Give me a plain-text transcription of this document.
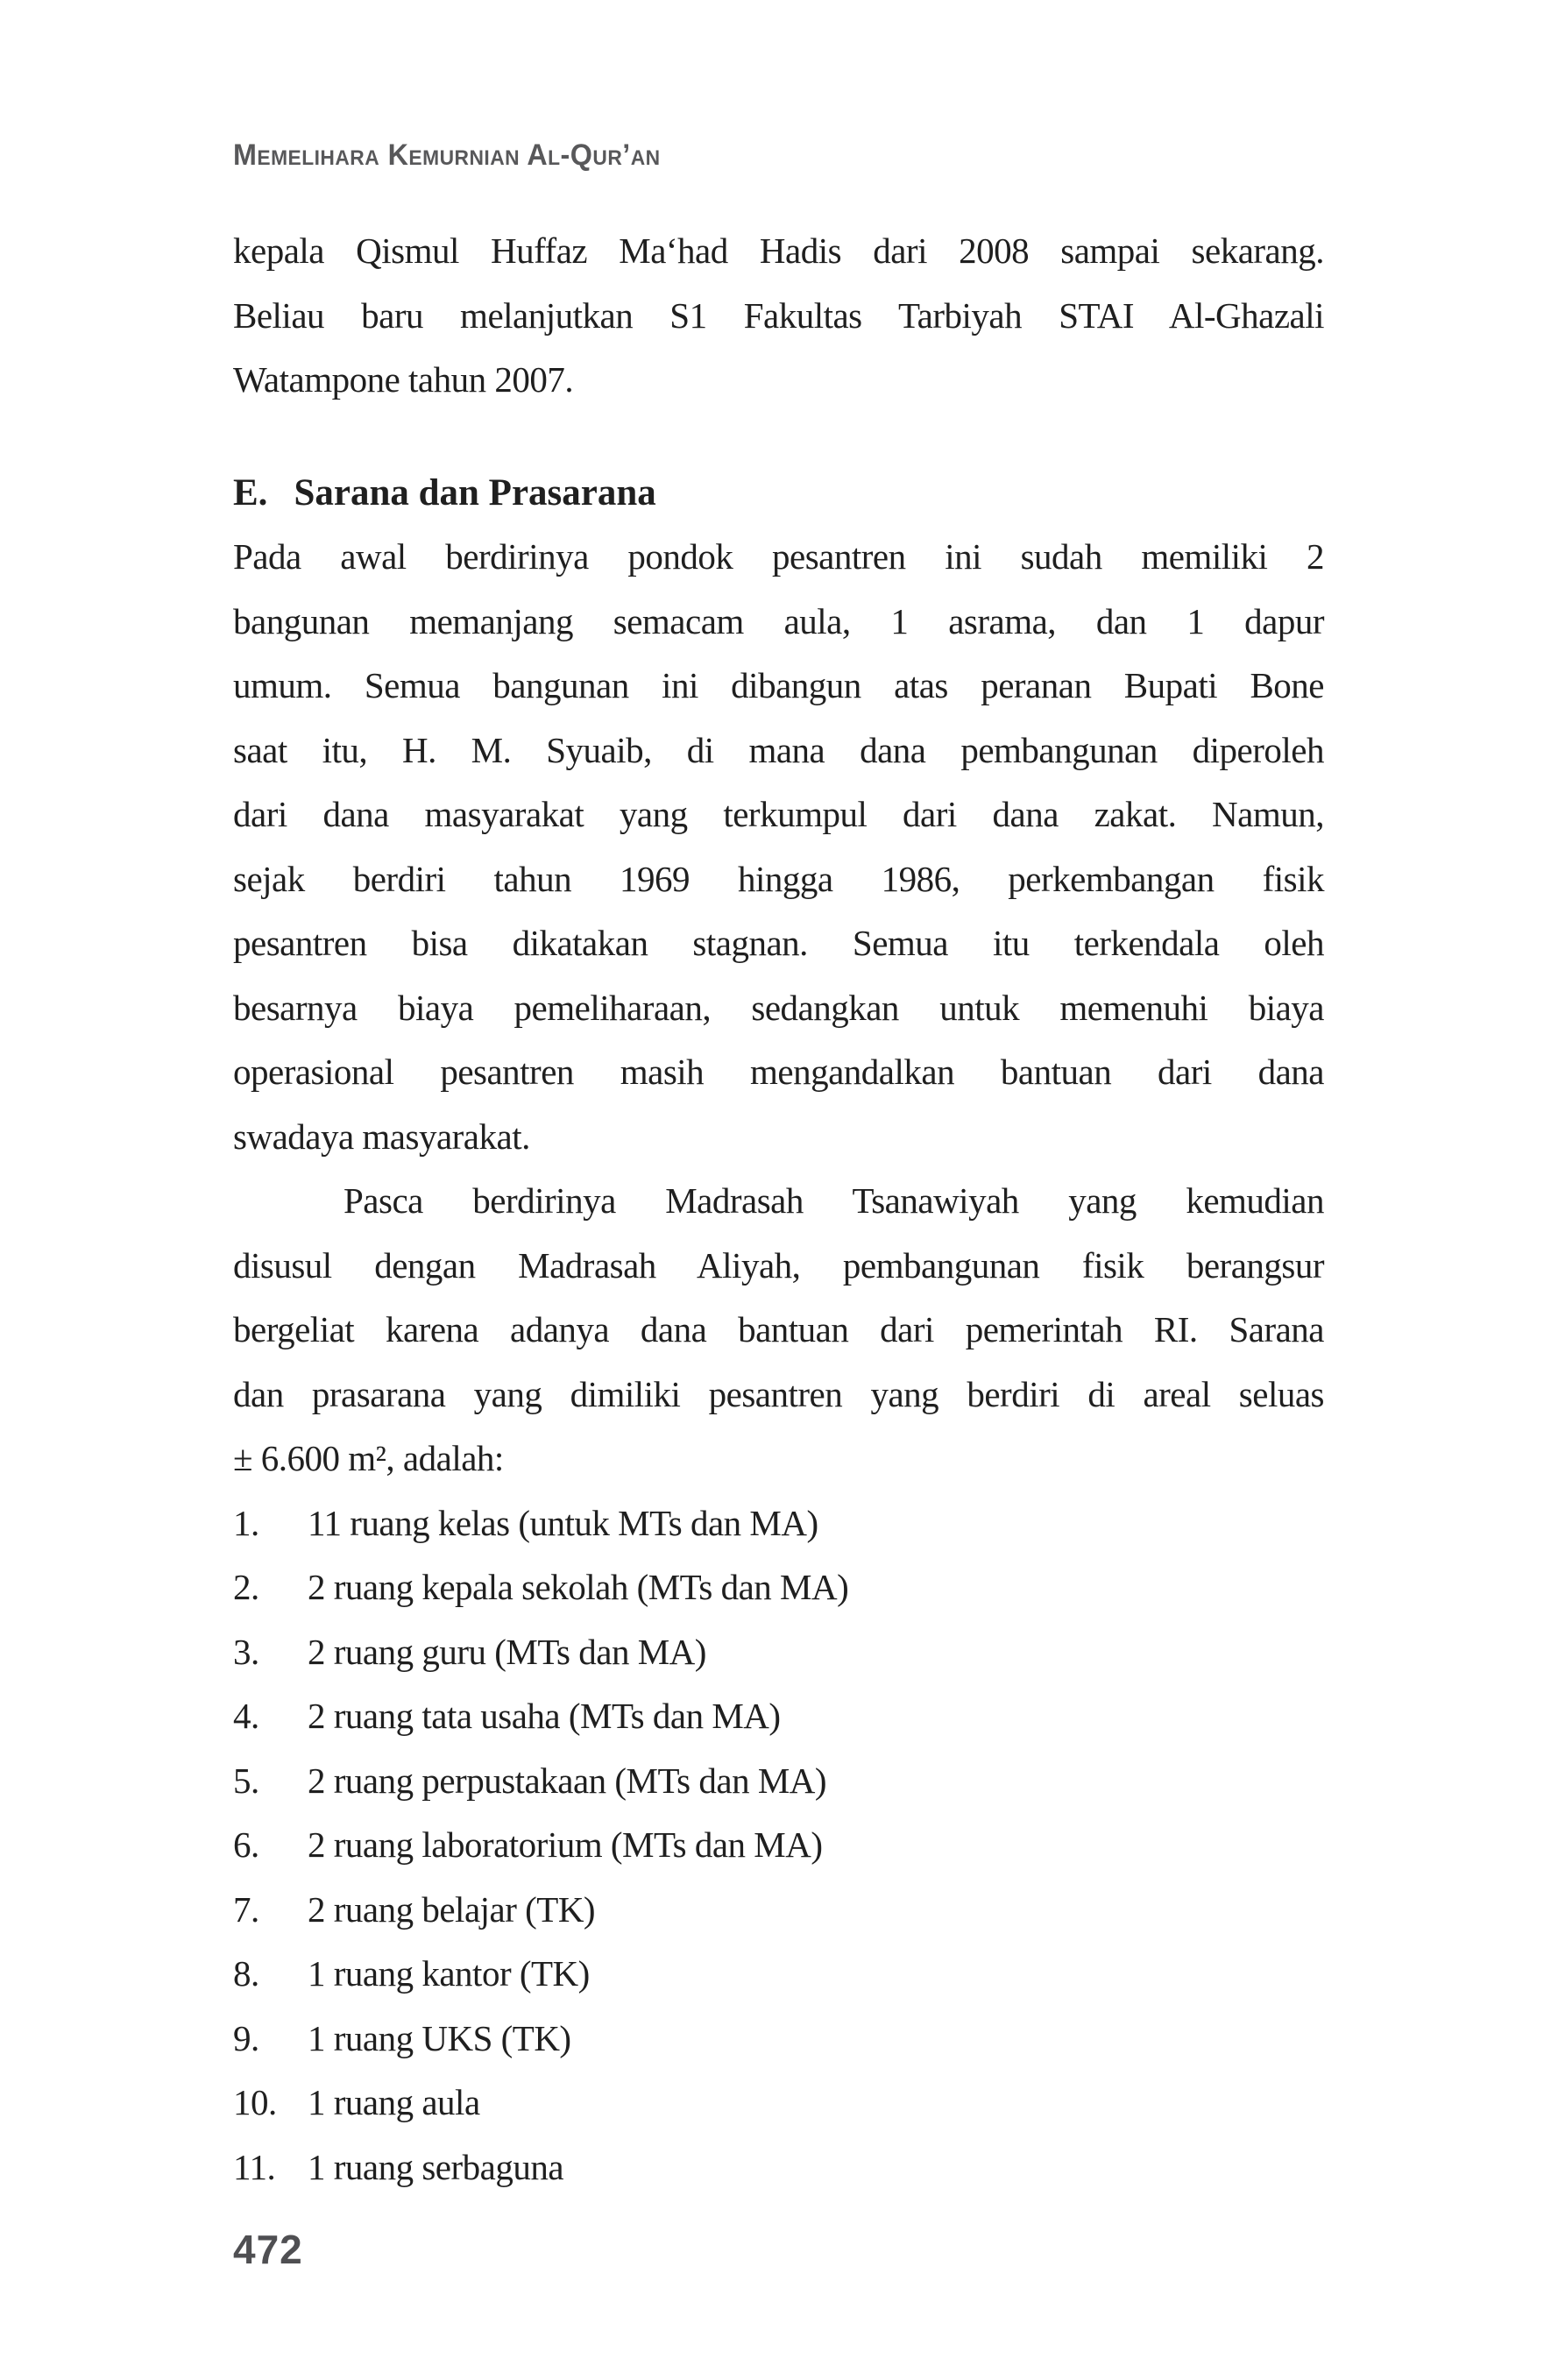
Memelihara Kemurnian Al-Qur’an
kepala Qismul Huffaz Ma‘had Hadis dari 2008 sampai sekarang.
Beliau baru melanjutkan S1 Fakultas Tarbiyah STAI Al-Ghazali
Watampone tahun 2007.
E. Sarana dan Prasarana
Pada awal berdirinya pondok pesantren ini sudah memiliki 2
bangunan memanjang semacam aula, 1 asrama, dan 1 dapur
umum. Semua bangunan ini dibangun atas peranan Bupati Bone
saat itu, H. M. Syuaib, di mana dana pembangunan diperoleh
dari dana masyarakat yang terkumpul dari dana zakat. Namun,
sejak berdiri tahun 1969 hingga 1986, perkembangan fisik
pesantren bisa dikatakan stagnan. Semua itu terkendala oleh
besarnya biaya pemeliharaan, sedangkan untuk memenuhi biaya
operasional pesantren masih mengandalkan bantuan dari dana
swadaya masyarakat.
Pasca berdirinya Madrasah Tsanawiyah yang kemudian
disusul dengan Madrasah Aliyah, pembangunan fisik berangsur
bergeliat karena adanya dana bantuan dari pemerintah RI. Sarana
dan prasarana yang dimiliki pesantren yang berdiri di areal seluas
± 6.600 m², adalah:
1. 11 ruang kelas (untuk MTs dan MA)
2. 2 ruang kepala sekolah (MTs dan MA)
3. 2 ruang guru (MTs dan MA)
4. 2 ruang tata usaha (MTs dan MA)
5. 2 ruang perpustakaan (MTs dan MA)
6. 2 ruang laboratorium (MTs dan MA)
7. 2 ruang belajar (TK)
8. 1 ruang kantor (TK)
9. 1 ruang UKS (TK)
10. 1 ruang aula
11. 1 ruang serbaguna
472
